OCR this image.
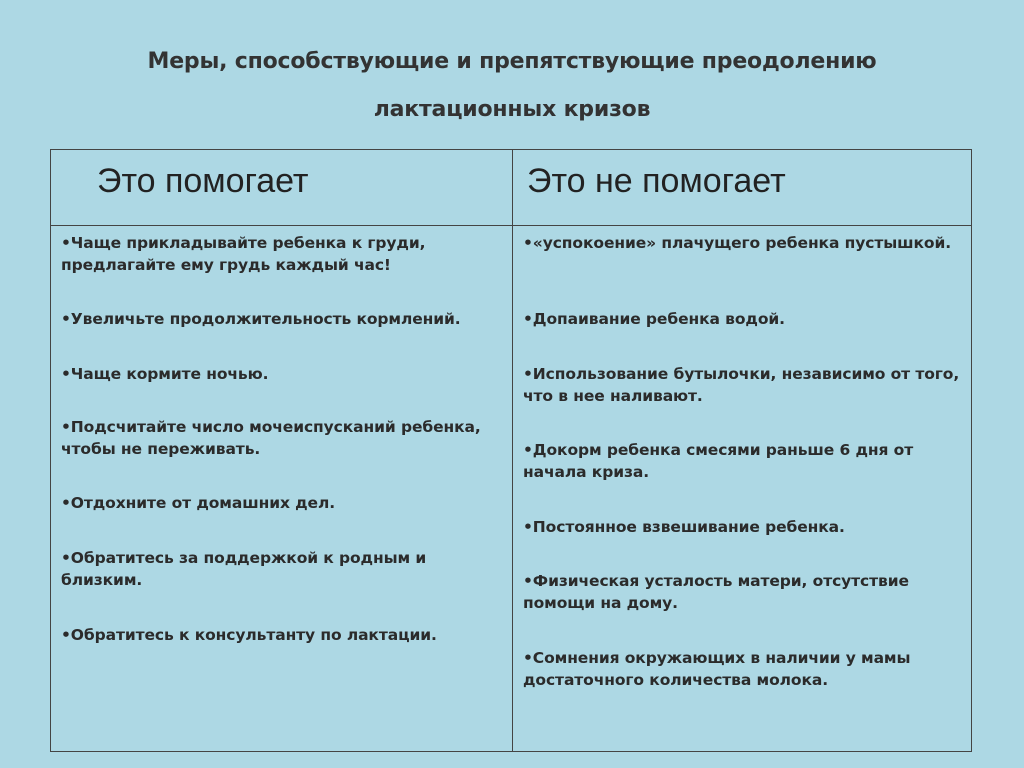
Меры, способствующие и препятствующие преодолению
лактационных кризов
Это помогает
•Чаще прикладывайте ребенка к груди, предлагайте ему грудь каждый час!
•Увеличьте продолжительность кормлений.
•Чаще кормите ночью.
•Подсчитайте число мочеиспусканий ребенка, чтобы не переживать.
•Отдохните от домашних дел.
•Обратитесь за поддержкой к родным и близким.
•Обратитесь к консультанту по лактации.
Это не помогает
•«успокоение» плачущего ребенка пустышкой.
•Допаивание ребенка водой.
•Использование бутылочки, независимо от того, что в нее наливают.
•Докорм ребенка смесями раньше 6 дня от начала криза.
•Постоянное взвешивание ребенка.
•Физическая усталость матери, отсутствие помощи на дому.
•Сомнения окружающих в наличии у мамы достаточного количества молока.
